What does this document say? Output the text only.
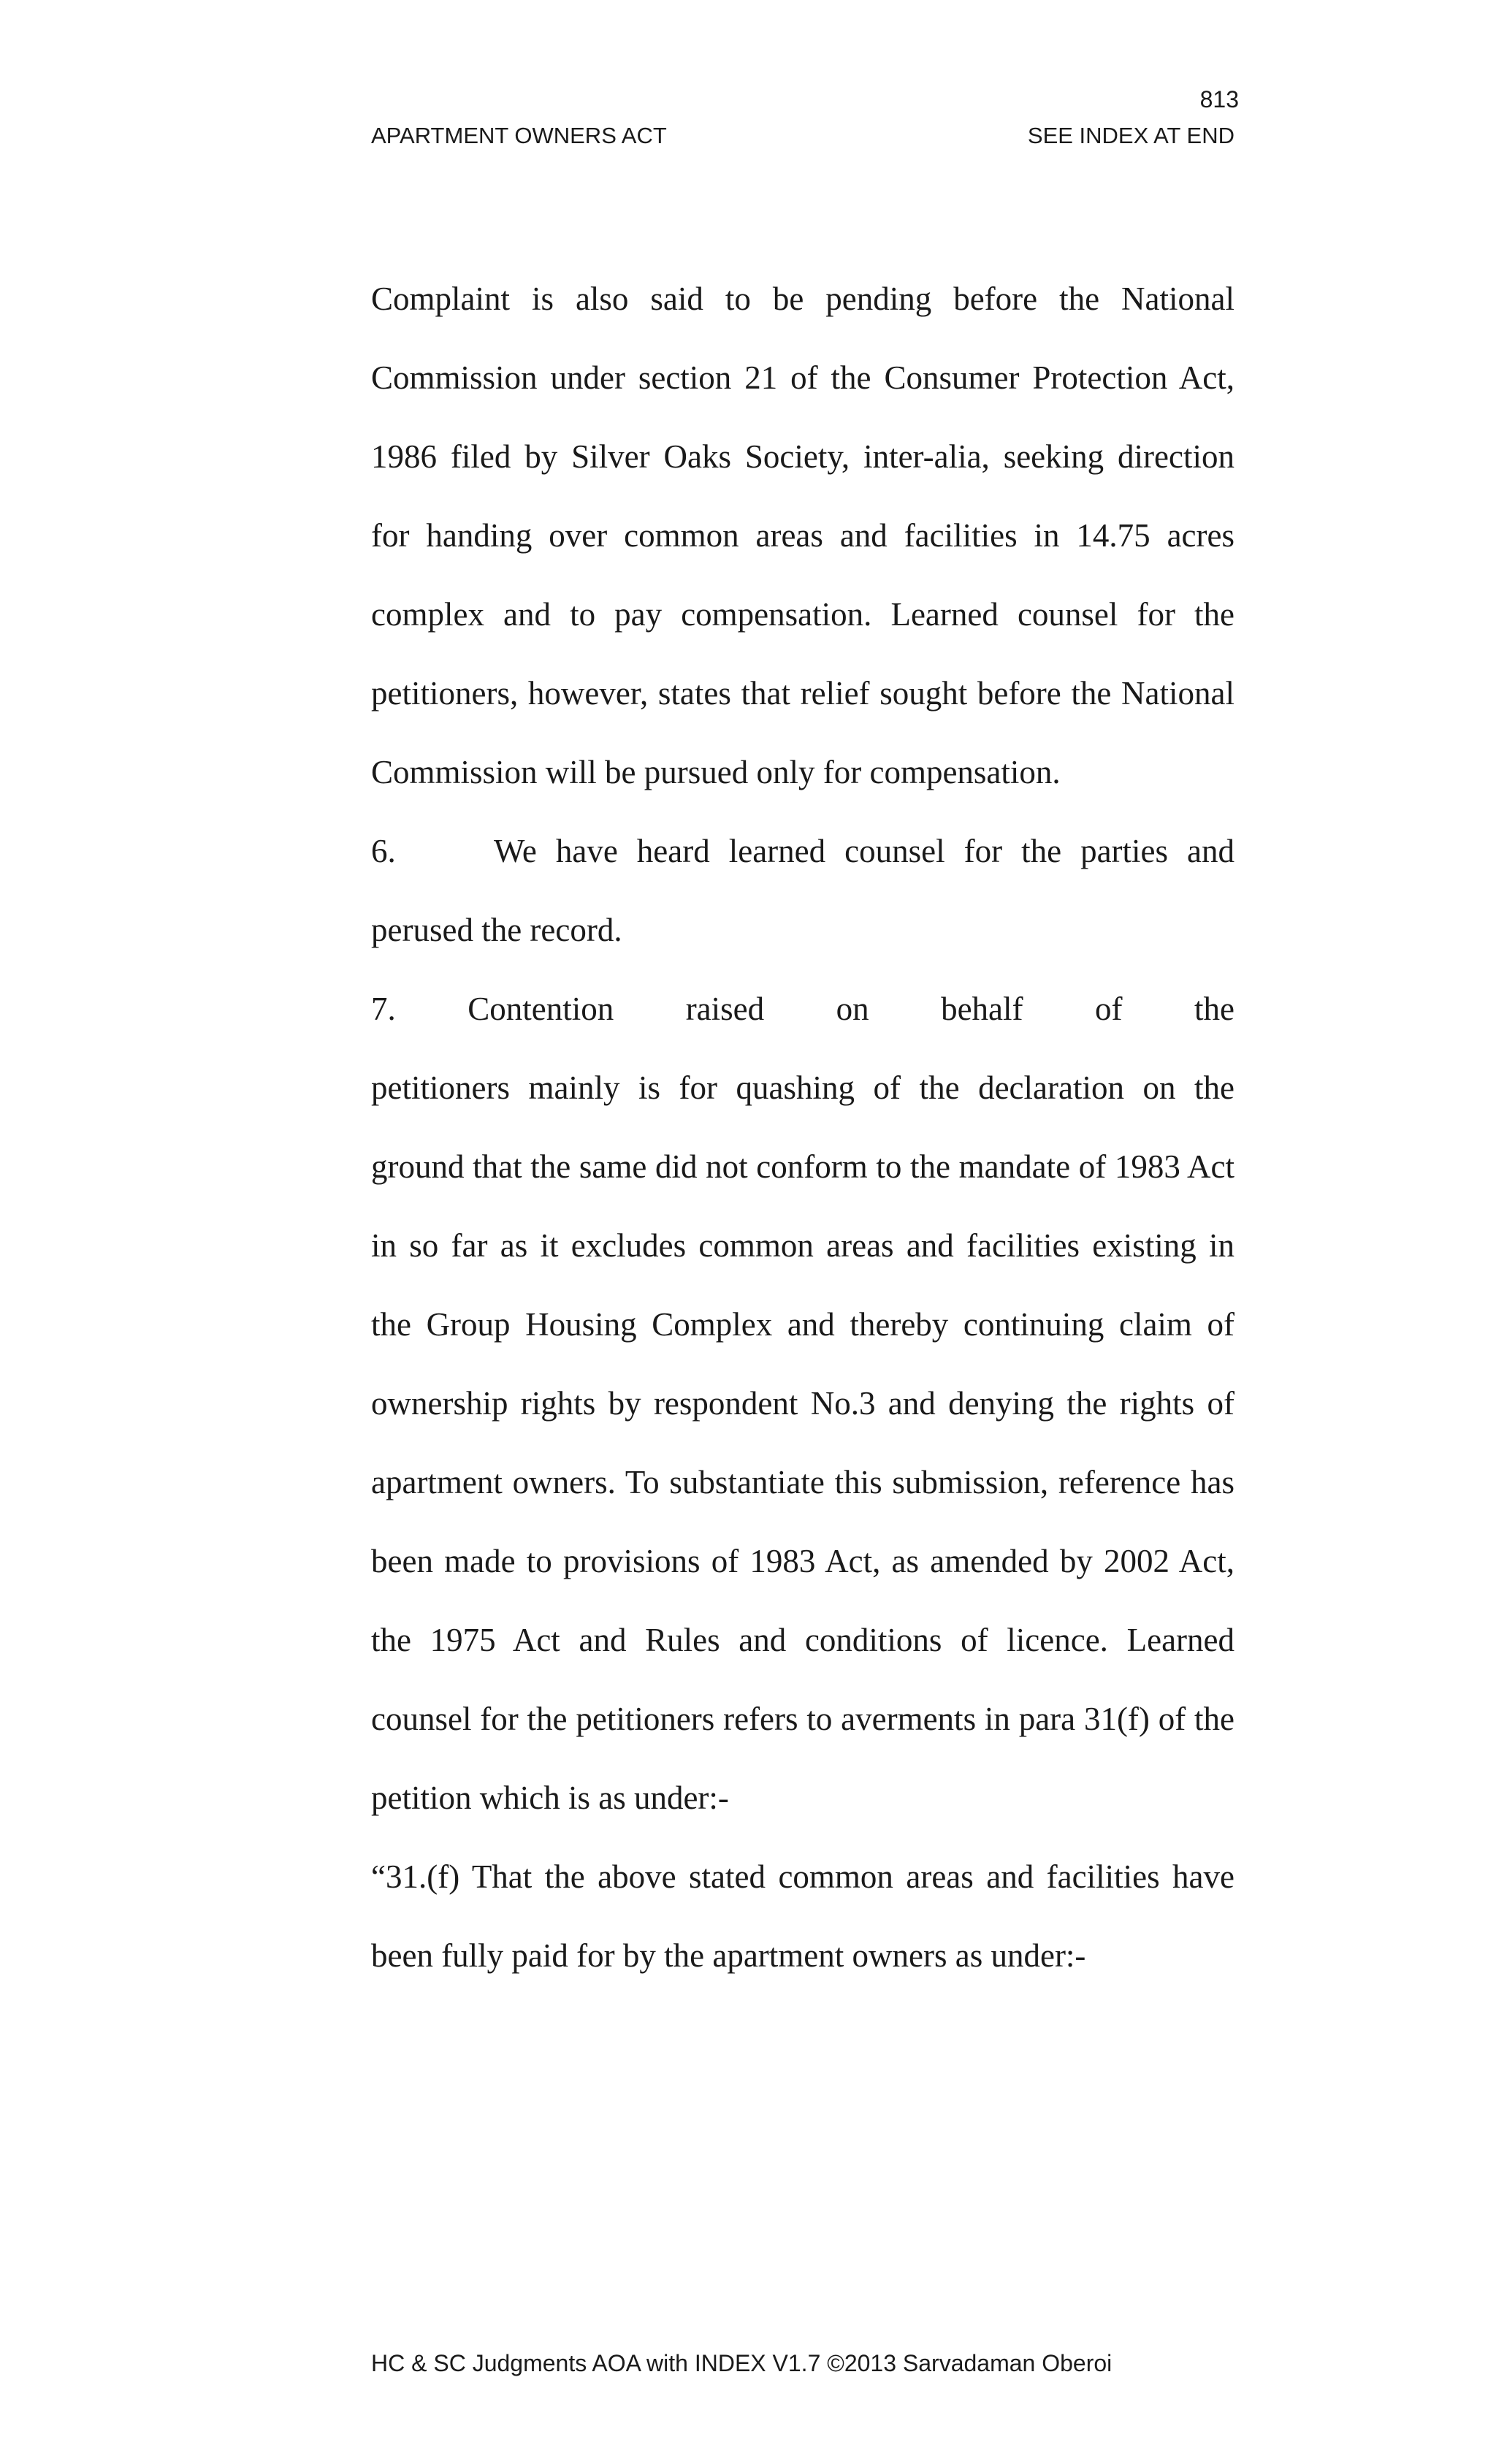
813
APARTMENT OWNERS ACT	SEE INDEX AT END

Complaint is also said to be pending before the National Commission under section 21 of the Consumer Protection Act, 1986 filed by Silver Oaks Society, inter-alia, seeking direction for handing over common areas and facilities in 14.75 acres complex and to pay compensation. Learned counsel for the petitioners, however, states that relief sought before the National Commission will be pursued only for compensation.

6.	We have heard learned counsel for the parties and perused the record.

7. Contention raised on behalf of the

petitioners mainly is for quashing of the declaration on the ground that the same did not conform to the mandate of 1983 Act in so far as it excludes common areas and facilities existing in the Group Housing Complex and thereby continuing claim of ownership rights by respondent No.3 and denying the rights of apartment owners. To substantiate this submission, reference has been made to provisions of 1983 Act, as amended by 2002 Act, the 1975 Act and Rules and conditions of licence. Learned counsel for the petitioners refers to averments in para 31(f) of the petition which is as under:-

“31.(f) That the above stated common areas and facilities have been fully paid for by the apartment owners as under:-

HC & SC Judgments AOA with INDEX V1.7 ©2013 Sarvadaman Oberoi
